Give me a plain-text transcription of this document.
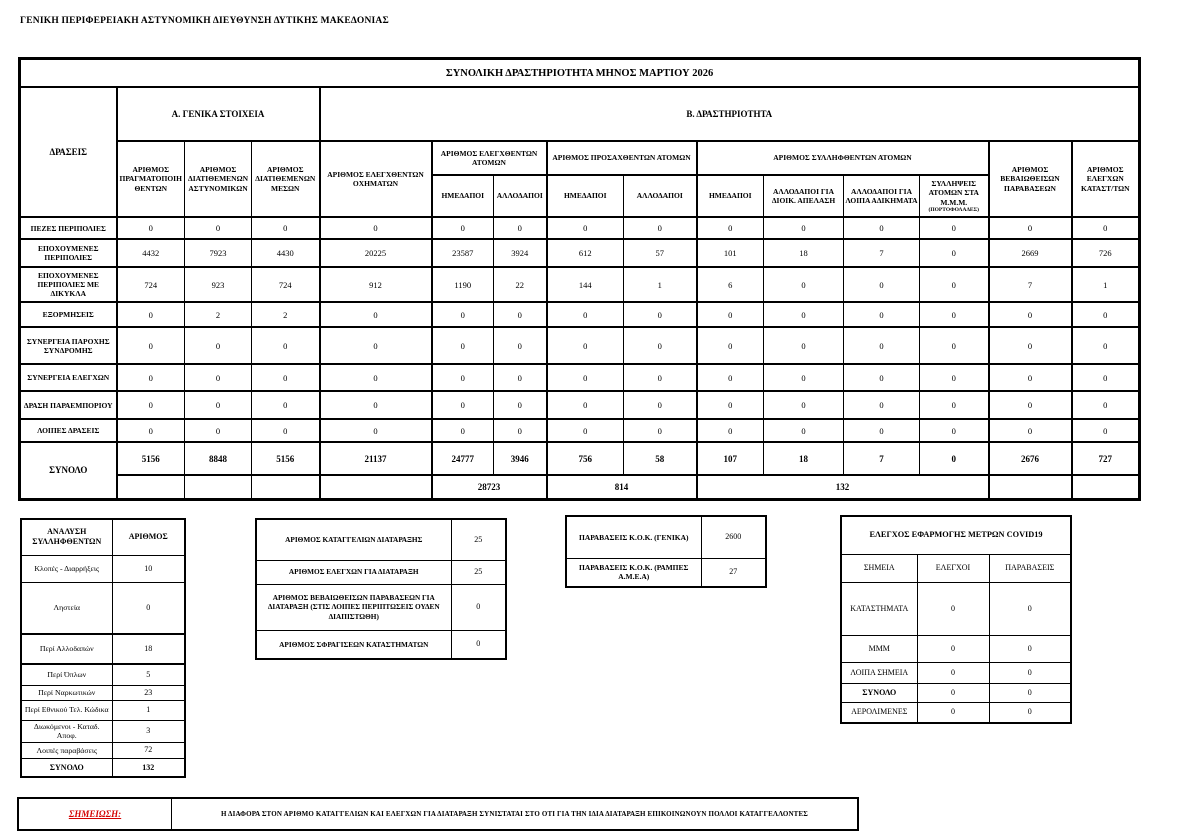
ΓΕΝΙΚΗ ΠΕΡΙΦΕΡΕΙΑΚΗ ΑΣΤΥΝΟΜΙΚΗ ΔΙΕΥΘΥΝΣΗ ΔΥΤΙΚΗΣ ΜΑΚΕΔΟΝΙΑΣ
ΣΥΝΟΛΙΚΗ ΔΡΑΣΤΗΡΙΟΤΗΤΑ ΜΗΝΟΣ ΜΑΡΤΙΟΥ 2026														
ΔΡΑΣΕΙΣ	Α. ΓΕΝΙΚΑ ΣΤΟΙΧΕΙΑ			Β. ΔΡΑΣΤΗΡΙΟΤΗΤΑ										
	ΑΡΙΘΜΟΣ ΠΡΑΓΜΑΤΟΠΟΙΗΘΕΝΤΩΝ	ΑΡΙΘΜΟΣ ΔΙΑΤΙΘΕΜΕΝΩΝ ΑΣΤΥΝΟΜΙΚΩΝ	ΑΡΙΘΜΟΣ ΔΙΑΤΙΘΕΜΕΝΩΝ ΜΕΣΩΝ	ΑΡΙΘΜΟΣ ΕΛΕΓΧΘΕΝΤΩΝ ΟΧΗΜΑΤΩΝ	ΑΡΙΘΜΟΣ ΕΛΕΓΧΘΕΝΤΩΝ ΑΤΟΜΩΝ		ΑΡΙΘΜΟΣ ΠΡΟΣΑΧΘΕΝΤΩΝ ΑΤΟΜΩΝ		ΑΡΙΘΜΟΣ ΣΥΛΛΗΦΘΕΝΤΩΝ ΑΤΟΜΩΝ				ΑΡΙΘΜΟΣ ΒΕΒΑΙΩΘΕΙΣΩΝ ΠΑΡΑΒΑΣΕΩΝ	ΑΡΙΘΜΟΣ ΕΛΕΓΧΩΝ ΚΑΤΑΣΤ/ΤΩΝ
					ΗΜΕΔΑΠΟΙ	ΑΛΛΟΔΑΠΟΙ	ΗΜΕΔΑΠΟΙ	ΑΛΛΟΔΑΠΟΙ	ΗΜΕΔΑΠΟΙ	ΑΛΛΟΔΑΠΟΙ ΓΙΑ ΔΙΟΙΚ. ΑΠΕΛΑΣΗ	ΑΛΛΟΔΑΠΟΙ ΓΙΑ ΛΟΙΠΑ ΑΔΙΚΗΜΑΤΑ	ΣΥΛΛΗΨΕΙΣ ΑΤΟΜΩΝ ΣΤΑ Μ.Μ.Μ.
(ΠΟΡΤΟΦΟΛΑΔΕΣ)		

ΠΕΖΕΣ ΠΕΡΙΠΟΛΙΕΣ	0	0	0	0	0	0	0	0	0	0	0	0	0	0
ΕΠΟΧΟΥΜΕΝΕΣ ΠΕΡΙΠΟΛΙΕΣ	4432	7923	4430	20225	23587	3924	612	57	101	18	7	0	2669	726
ΕΠΟΧΟΥΜΕΝΕΣ ΠΕΡΙΠΟΛΙΕΣ ΜΕ ΔΙΚΥΚΛΑ	724	923	724	912	1190	22	144	1	6	0	0	0	7	1
ΕΞΟΡΜΗΣΕΙΣ	0	2	2	0	0	0	0	0	0	0	0	0	0	0
ΣΥΝΕΡΓΕΙΑ ΠΑΡΟΧΗΣ ΣΥΝΔΡΟΜΗΣ	0	0	0	0	0	0	0	0	0	0	0	0	0	0
ΣΥΝΕΡΓΕΙΑ ΕΛΕΓΧΩΝ	0	0	0	0	0	0	0	0	0	0	0	0	0	0
ΔΡΑΣΗ ΠΑΡΑΕΜΠΟΡΙΟΥ	0	0	0	0	0	0	0	0	0	0	0	0	0	0
ΛΟΙΠΕΣ ΔΡΑΣΕΙΣ	0	0	0	0	0	0	0	0	0	0	0	0	0	0
ΣΥΝΟΛΟ	5156	8848	5156	21137	24777	3946	756	58	107	18	7	0	2676	727
					28723		814		132					
ΑΝΑΛΥΣΗ ΣΥΛΛΗΦΘΕΝΤΩΝ	ΑΡΙΘΜΟΣ
Κλοπές - Διαρρήξεις	10
Ληστεία	0
Περί Αλλοδαπών	18
Περί Όπλων	5
Περί Ναρκωτικών	23
Περί Εθνικού Τελ. Κώδικα	1
Διωκόμενοι - Καταδ. Αποφ.	3
Λοιπές παραβάσεις	72
ΣΥΝΟΛΟ	132
ΑΡΙΘΜΟΣ ΚΑΤΑΓΓΕΛΙΩΝ ΔΙΑΤΑΡΑΞΗΣ	25
ΑΡΙΘΜΟΣ ΕΛΕΓΧΩΝ ΓΙΑ ΔΙΑΤΑΡΑΞΗ	25
ΑΡΙΘΜΟΣ ΒΕΒΑΙΩΘΕΙΣΩΝ ΠΑΡΑΒΑΣΕΩΝ ΓΙΑ ΔΙΑΤΑΡΑΞΗ (ΣΤΙΣ ΛΟΙΠΕΣ ΠΕΡΙΠΤΩΣΕΙΣ ΟΥΔΕΝ ΔΙΑΠΙΣΤΩΘΗ)	0
ΑΡΙΘΜΟΣ ΣΦΡΑΓΙΣΕΩΝ ΚΑΤΑΣΤΗΜΑΤΩΝ	0
ΠΑΡΑΒΑΣΕΙΣ Κ.Ο.Κ. (ΓΕΝΙΚΑ)	2600
ΠΑΡΑΒΑΣΕΙΣ Κ.Ο.Κ. (ΡΑΜΠΕΣ Α.Μ.Ε.Α)	27
ΕΛΕΓΧΟΣ ΕΦΑΡΜΟΓΗΣ ΜΕΤΡΩΝ COVID19		
ΣΗΜΕΙΑ	ΕΛΕΓΧΟΙ	ΠΑΡΑΒΑΣΕΙΣ
ΚΑΤΑΣΤΗΜΑΤΑ	0	0
ΜΜΜ	0	0
ΛΟΙΠΑ ΣΗΜΕΙΑ	0	0
ΣΥΝΟΛΟ	0	0
ΑΕΡΟΛΙΜΕΝΕΣ	0	0
ΣΗΜΕΙΩΣΗ:	Η ΔΙΑΦΟΡΑ ΣΤΟΝ ΑΡΙΘΜΟ ΚΑΤΑΓΓΕΛΙΩΝ ΚΑΙ ΕΛΕΓΧΩΝ ΓΙΑ ΔΙΑΤΑΡΑΞΗ ΣΥΝΙΣΤΑΤΑΙ ΣΤΟ ΟΤΙ ΓΙΑ ΤΗΝ ΙΔΙΑ ΔΙΑΤΑΡΑΞΗ ΕΠΙΚΟΙΝΩΝΟΥΝ ΠΟΛΛΟΙ ΚΑΤΑΓΓΕΛΛΟΝΤΕΣ
